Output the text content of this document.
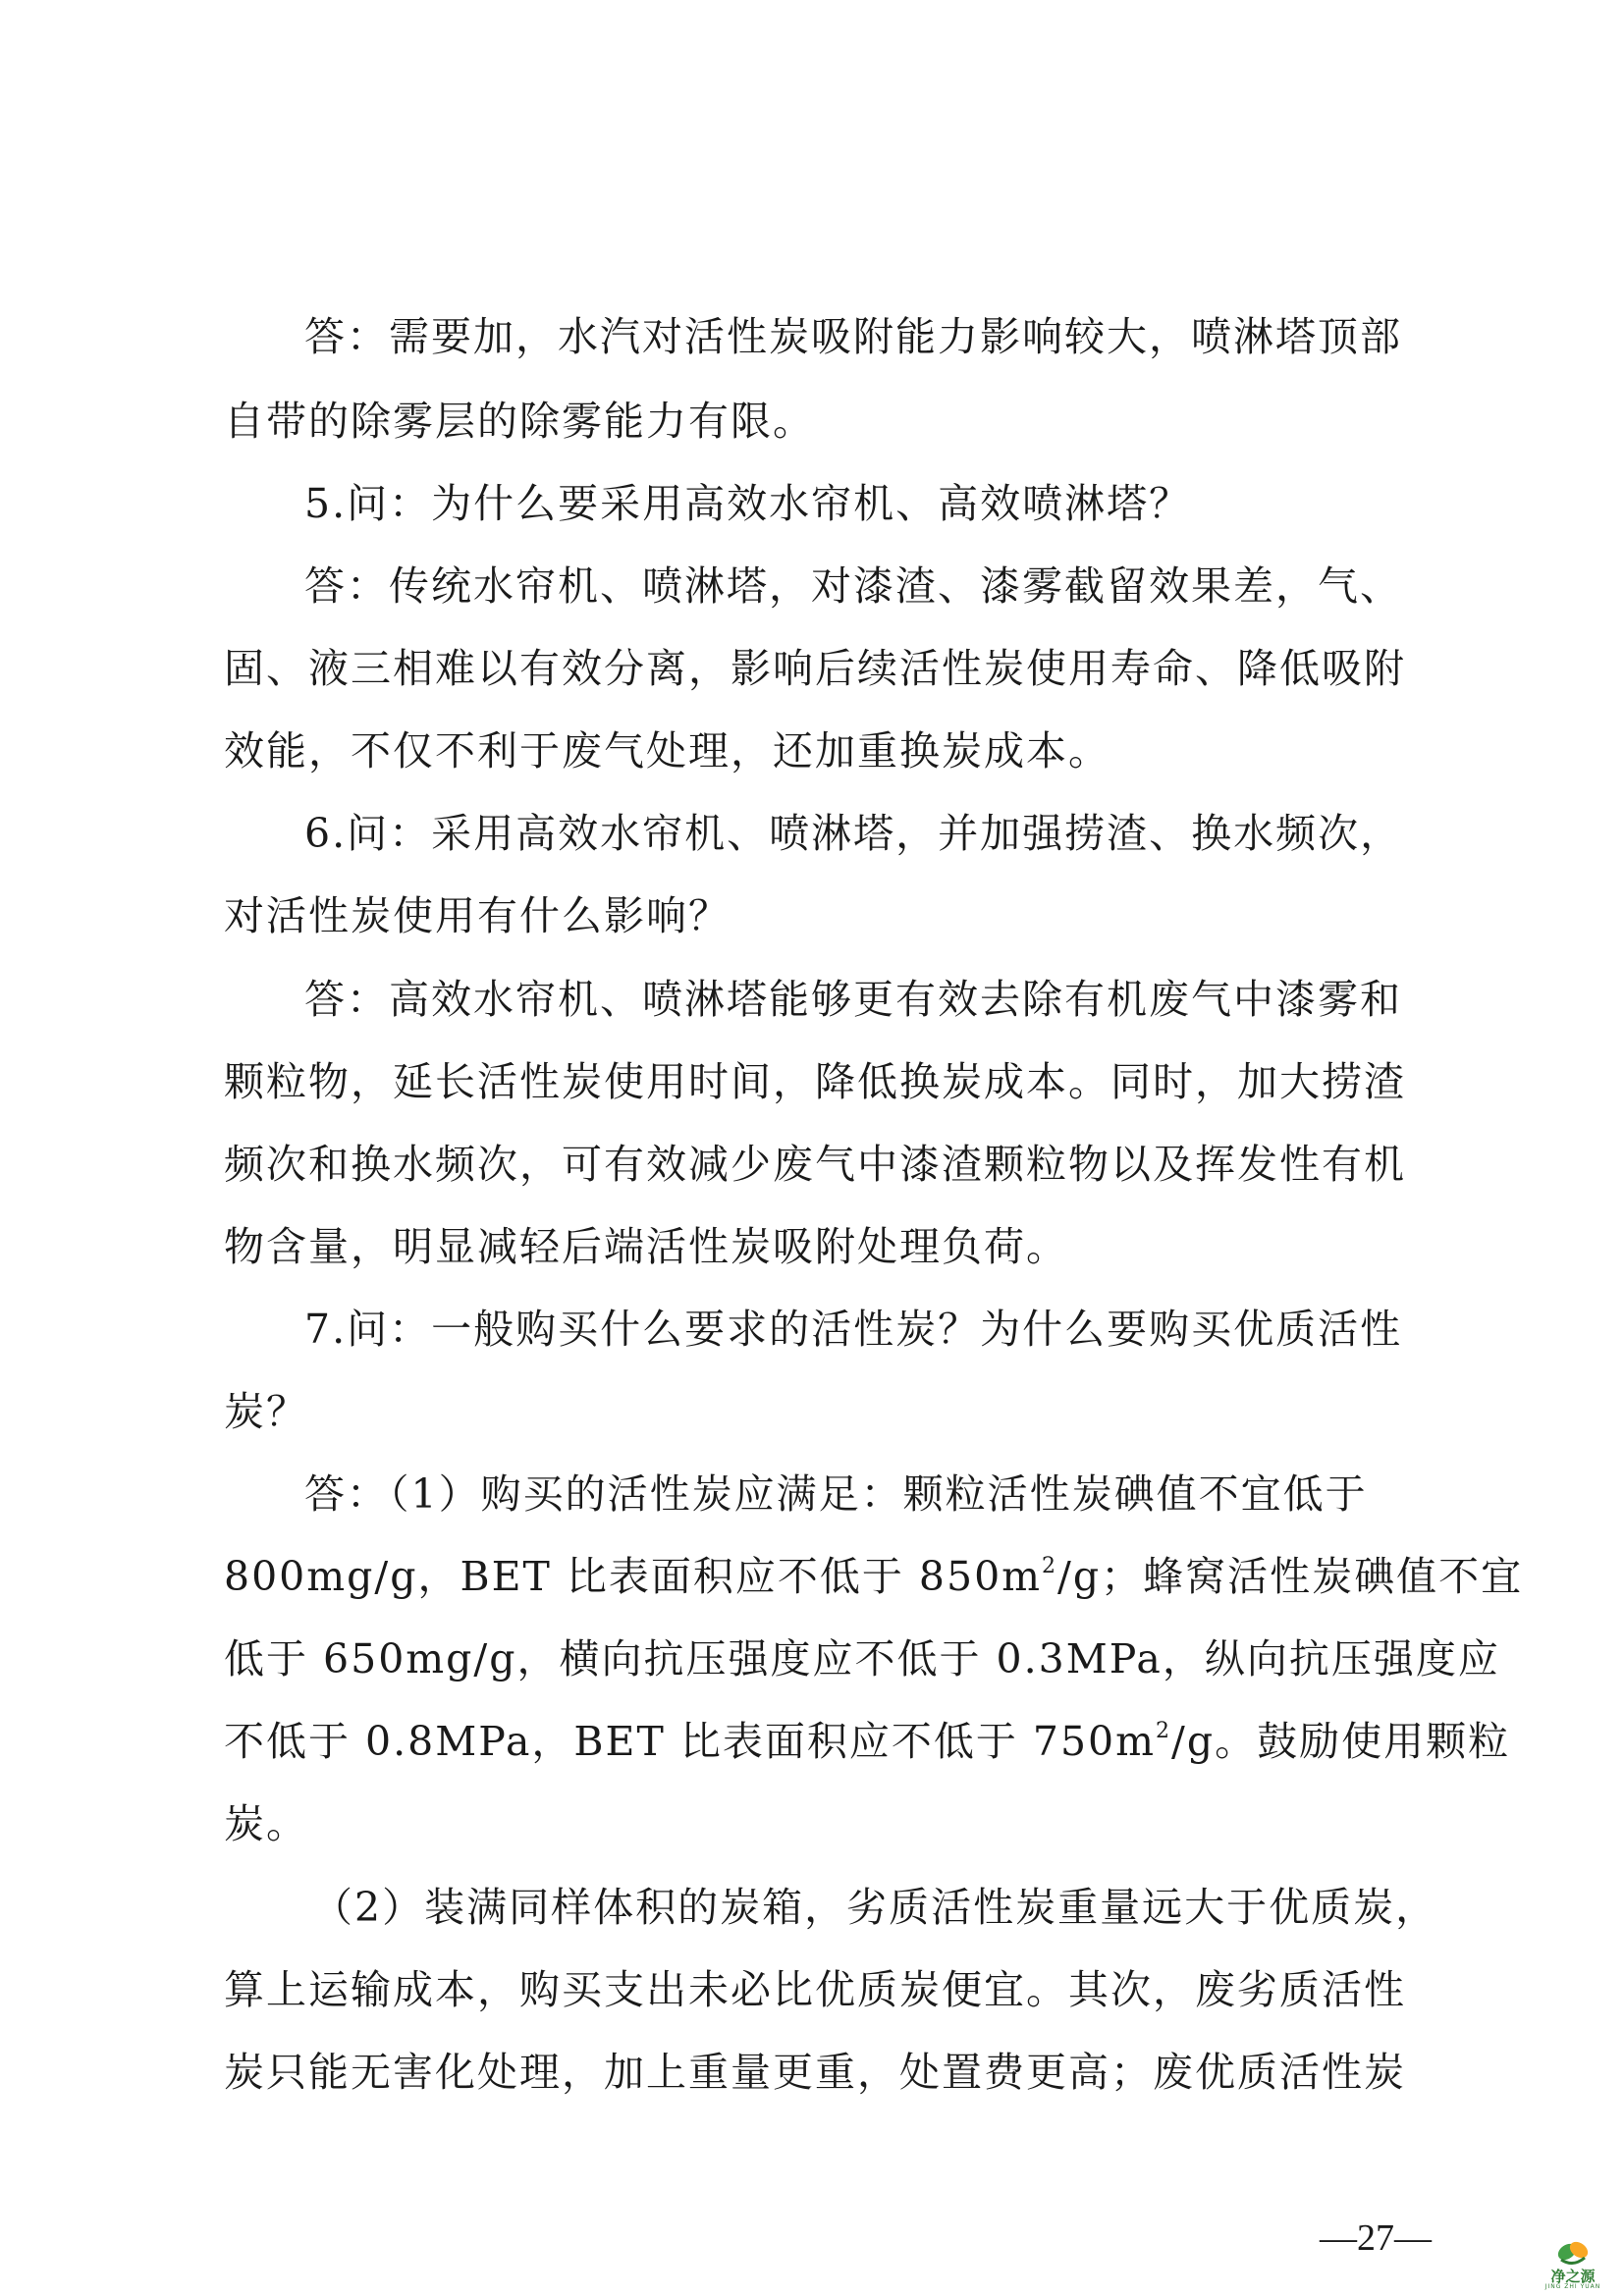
答：需要加，水汽对活性炭吸附能力影响较大，喷淋塔顶部
自带的除雾层的除雾能力有限。
5.问：为什么要采用高效水帘机、高效喷淋塔？
答：传统水帘机、喷淋塔，对漆渣、漆雾截留效果差，气、
固、液三相难以有效分离，影响后续活性炭使用寿命、降低吸附
效能，不仅不利于废气处理，还加重换炭成本。
6.问：采用高效水帘机、喷淋塔，并加强捞渣、换水频次，
对活性炭使用有什么影响？
答：高效水帘机、喷淋塔能够更有效去除有机废气中漆雾和
颗粒物，延长活性炭使用时间，降低换炭成本。同时，加大捞渣
频次和换水频次，可有效减少废气中漆渣颗粒物以及挥发性有机
物含量，明显减轻后端活性炭吸附处理负荷。
7.问：一般购买什么要求的活性炭？为什么要购买优质活性
炭？
答：（1）购买的活性炭应满足：颗粒活性炭碘值不宜低于
800mg/g，BET 比表面积应不低于 $850m^2/g$；蜂窝活性炭碘值不宜
低于 650mg/g，横向抗压强度应不低于 0.3MPa，纵向抗压强度应
不低于 0.8MPa，BET 比表面积应不低于 $750m^2/g$。鼓励使用颗粒
炭。
（2）装满同样体积的炭箱，劣质活性炭重量远大于优质炭，
算上运输成本，购买支出未必比优质炭便宜。其次，废劣质活性
炭只能无害化处理，加上重量更重，处置费更高；废优质活性炭
—27—
净之源
JING ZHI YUAN
